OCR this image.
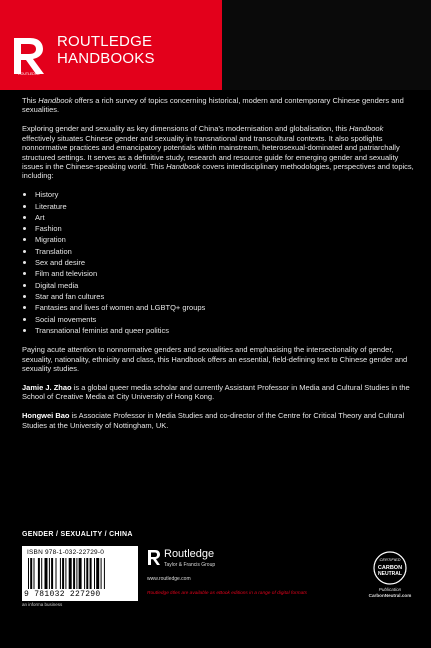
ROUTLEDGE
ROUTLEDGE
HANDBOOKS

This Handbook offers a rich survey of topics concerning historical, modern and contemporary Chinese genders and sexualities.

Exploring gender and sexuality as key dimensions of China’s modernisation and globalisation, this Handbook effectively situates Chinese gender and sexuality in transnational and transcultural contexts. It also spotlights nonnormative practices and emancipatory potentials within mainstream, heterosexual-dominated and patriarchally structured settings. It serves as a definitive study, research and resource guide for emerging gender and sexuality issues in the Chinese-speaking world. This Handbook covers interdisciplinary methodologies, perspectives and topics, including:

History
Literature
Art
Fashion
Migration
Translation
Sex and desire
Film and television
Digital media
Star and fan cultures
Fantasies and lives of women and LGBTQ+ groups
Social movements
Transnational feminist and queer politics

Paying acute attention to nonnormative genders and sexualities and emphasising the intersectionality of gender, sexuality, nationality, ethnicity and class, this Handbook offers an essential, field-defining text to Chinese gender and sexuality studies.

Jamie J. Zhao is a global queer media scholar and currently Assistant Professor in Media and Cultural Studies in the School of Creative Media at City University of Hong Kong.

Hongwei Bao is Associate Professor in Media Studies and co-director of the Centre for Critical Theory and Cultural Studies at the University of Nottingham, UK.

GENDER / SEXUALITY / CHINA
ISBN 978-1-032-22729-0
9 781032 227290
an informa business
Routledge
Taylor & Francis Group
www.routledge.com
Routledge titles are available as eBook editions in a range of digital formats
CERTIFIED
CARBON
NEUTRAL
Publication
CarbonNeutral.com
